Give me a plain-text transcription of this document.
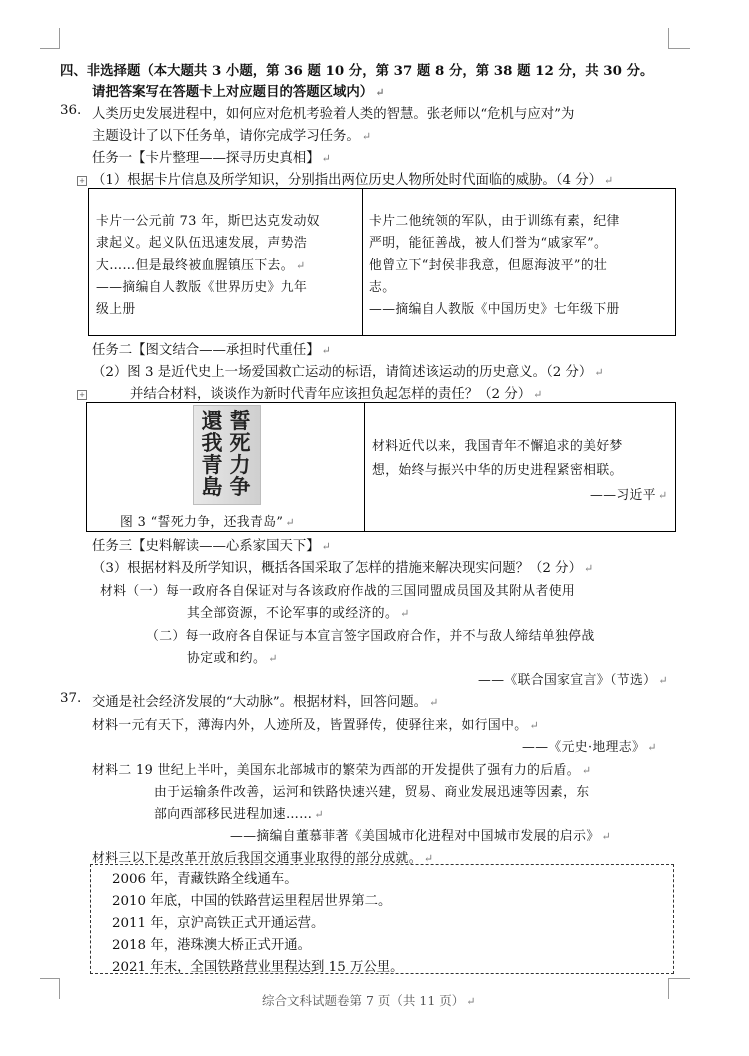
四、非选择题（本大题共 3 小题，第 36 题 10 分，第 37 题 8 分，第 38 题 12 分，共 30 分。
请把答案写在答题卡上对应题目的答题区域内） ↵
36. 人类历史发展进程中，如何应对危机考验着人类的智慧。张老师以“危机与应对”为
主题设计了以下任务单，请你完成学习任务。 ↵
任务一【卡片整理——探寻历史真相】 ↵
+ （1）根据卡片信息及所学知识，分别指出两位历史人物所处时代面临的威胁。（4 分） ↵
卡片一公元前 73 年，斯巴达克发动奴
隶起义。起义队伍迅速发展，声势浩
大……但是最终被血腥镇压下去。 ↵
——摘编自人教版《世界历史》九年
级上册
卡片二他统领的军队，由于训练有素，纪律
严明，能征善战，被人们誉为“戚家军”。
他曾立下“封侯非我意，但愿海波平”的壮
志。
——摘编自人教版《中国历史》七年级下册
任务二【图文结合——承担时代重任】 ↵
（2）图 3 是近代史上一场爱国救亡运动的标语，请简述该运动的历史意义。（2 分） ↵
+	并结合材料，谈谈作为新时代青年应该担负起怎样的责任？（2 分） ↵
誓死力争
還我青島
图 3 “誓死力争，还我青岛” ↵
材料近代以来，我国青年不懈追求的美好梦
想，始终与振兴中华的历史进程紧密相联。
——习近平 ↵
任务三【史料解读——心系家国天下】 ↵
（3）根据材料及所学知识，概括各国采取了怎样的措施来解决现实问题？（2 分） ↵
材料（一）每一政府各自保证对与各该政府作战的三国同盟成员国及其附从者使用
其全部资源，不论军事的或经济的。 ↵
（二）每一政府各自保证与本宣言签字国政府合作，并不与敌人缔结单独停战
协定或和约。 ↵
——《联合国家宣言》（节选） ↵
37. 交通是社会经济发展的“大动脉”。根据材料，回答问题。 ↵
材料一元有天下，薄海内外，人迹所及，皆置驿传，使驿往来，如行国中。 ↵
——《元史·地理志》 ↵
材料二 19 世纪上半叶，美国东北部城市的繁荣为西部的开发提供了强有力的后盾。 ↵
由于运输条件改善，运河和铁路快速兴建，贸易、商业发展迅速等因素，东
部向西部移民进程加速…… ↵
——摘编自董慕菲著《美国城市化进程对中国城市发展的启示》 ↵
材料三以下是改革开放后我国交通事业取得的部分成就。 ↵
2006 年，青藏铁路全线通车。
2010 年底，中国的铁路营运里程居世界第二。
2011 年，京沪高铁正式开通运营。
2018 年，港珠澳大桥正式开通。
2021 年末，全国铁路营业里程达到 15 万公里。
综合文科试题卷第 7 页（共 11 页） ↵
